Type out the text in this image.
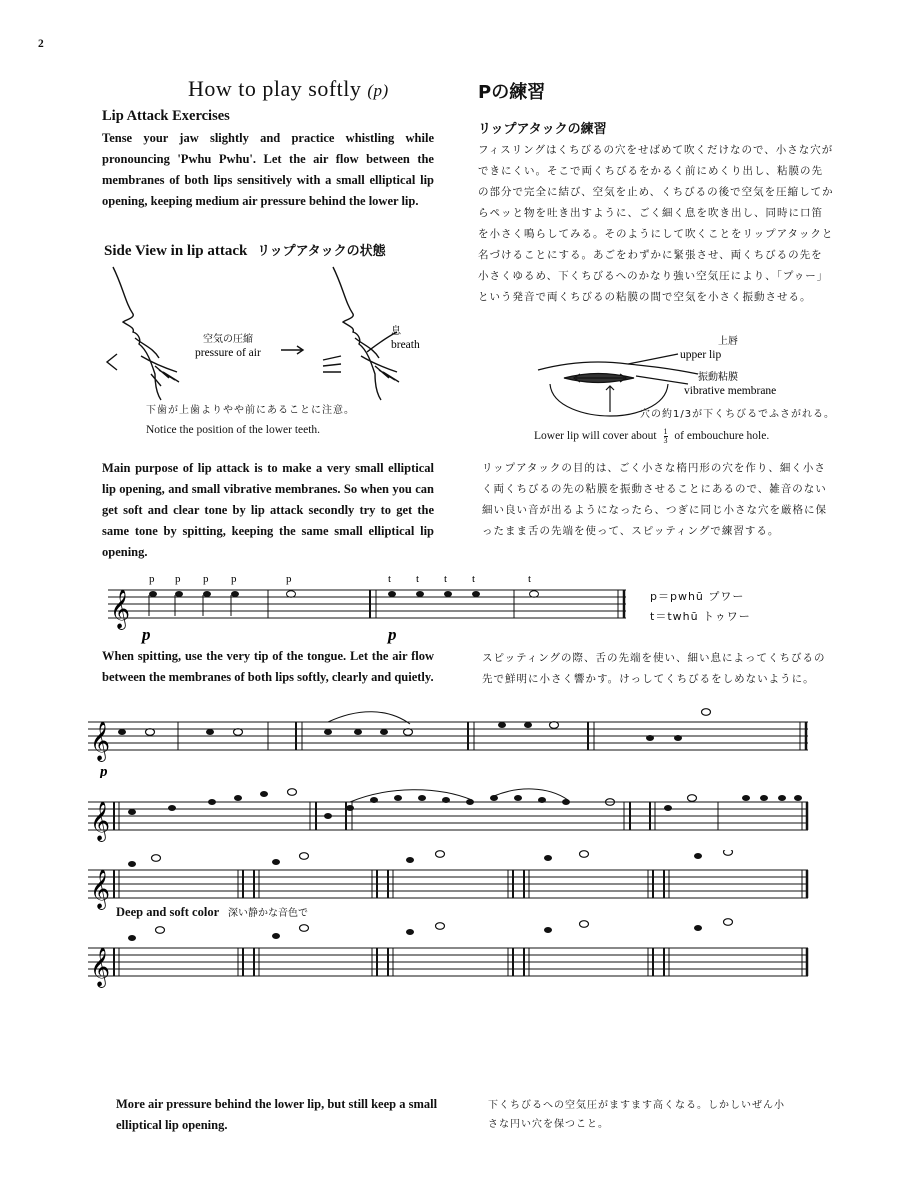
2
How to play softly (p)	Pの練習
Lip Attack Exercises
リップアタックの練習
Tense your jaw slightly and practice whistling while pronouncing 'Pwhu Pwhu'. Let the air flow between the membranes of both lips sensitively with a small elliptical lip opening, keeping medium air pressure behind the lower lip.
フィスリングはくちびるの穴をせばめて吹くだけなので、小さな穴ができにくい。そこで両くちびるをかるく前にめくり出し、粘膜の先の部分で完全に結び、空気を止め、くちびるの後で空気を圧縮してからペッと物を吐き出すように、ごく細く息を吹き出し、同時に口笛を小さく鳴らしてみる。そのようにして吹くことをリップアタックと名づけることにする。あごをわずかに緊張させ、両くちびるの先を小さくゆるめ、下くちびるへのかなり強い空気圧により、「プゥー」という発音で両くちびるの粘膜の間で空気を小さく振動させる。
Side View in lip attack リップアタックの状態
空気の圧縮
pressure of air
息
breath
下歯が上歯よりやや前にあることに注意。
Notice the position of the lower teeth.
上唇
upper lip
振動粘膜
vibrative membrane
穴の約1/3が下くちびるでふさがれる。
Lower lip will cover about $\frac{1}{3}$ of embouchure hole.
Main purpose of lip attack is to make a very small elliptical lip opening, and small vibrative membranes. So when you can get soft and clear tone by lip attack secondly try to get the same tone by spitting, keeping the same small elliptical lip opening.
リップアタックの目的は、ごく小さな楕円形の穴を作り、細く小さく両くちびるの先の粘膜を振動させることにあるので、雑音のない細い良い音が出るようになったら、つぎに同じ小さな穴を厳格に保ったまま舌の先端を使って、スピッティングで練習する。
𝄞
p p p p	p	t t t t	t
p	p
p＝pwhū プワー
t＝twhū トゥワー
When spitting, use the very tip of the tongue. Let the air flow between the membranes of both lips softly, clearly and quietly.
スピッティングの際、舌の先端を使い、細い息によってくちびるの先で鮮明に小さく響かす。けっしてくちびるをしめないように。
𝄞
p
𝄞
𝄞
Deep and soft color 深い静かな音色で
𝄞
More air pressure behind the lower lip, but still keep a small elliptical lip opening.
下くちびるへの空気圧がますます高くなる。しかしいぜん小さな円い穴を保つこと。
